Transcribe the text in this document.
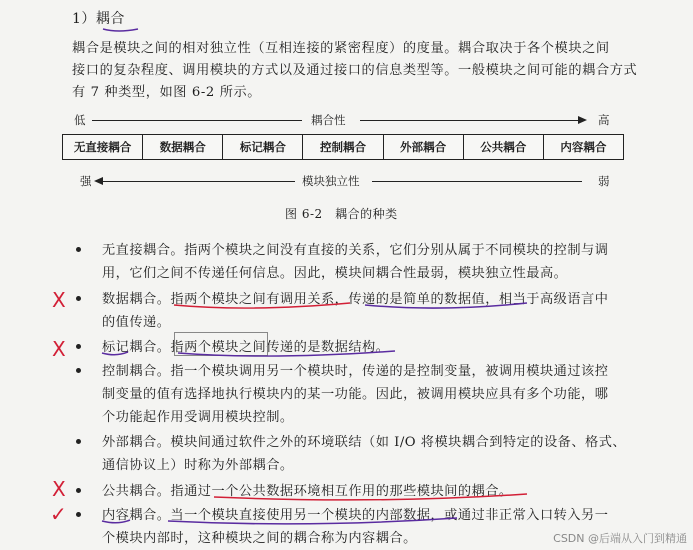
1）耦合
耦合是模块之间的相对独立性（互相连接的紧密程度）的度量。耦合取决于各个模块之间
接口的复杂程度、调用模块的方式以及通过接口的信息类型等。一般模块之间可能的耦合方式
有 7 种类型，如图 6-2 所示。
低	耦合性	高
无直接耦合	数据耦合	标记耦合	控制耦合	外部耦合	公共耦合	内容耦合
强	模块独立性	弱
图 6-2　耦合的种类
无直接耦合。指两个模块之间没有直接的关系，它们分别从属于不同模块的控制与调
用，它们之间不传递任何信息。因此，模块间耦合性最弱，模块独立性最高。
数据耦合。指两个模块之间有调用关系，传递的是简单的数据值，相当于高级语言中
的值传递。
标记耦合。指两个模块之间传递的是数据结构。
控制耦合。指一个模块调用另一个模块时，传递的是控制变量，被调用模块通过该控
制变量的值有选择地执行模块内的某一功能。因此，被调用模块应具有多个功能，哪
个功能起作用受调用模块控制。
外部耦合。模块间通过软件之外的环境联结（如 I/O 将模块耦合到特定的设备、格式、
通信协议上）时称为外部耦合。
公共耦合。指通过一个公共数据环境相互作用的那些模块间的耦合。
内容耦合。当一个模块直接使用另一个模块的内部数据，或通过非正常入口转入另一
个模块内部时，这种模块之间的耦合称为内容耦合。
X
X
X
✓
CSDN @后端从入门到精通
